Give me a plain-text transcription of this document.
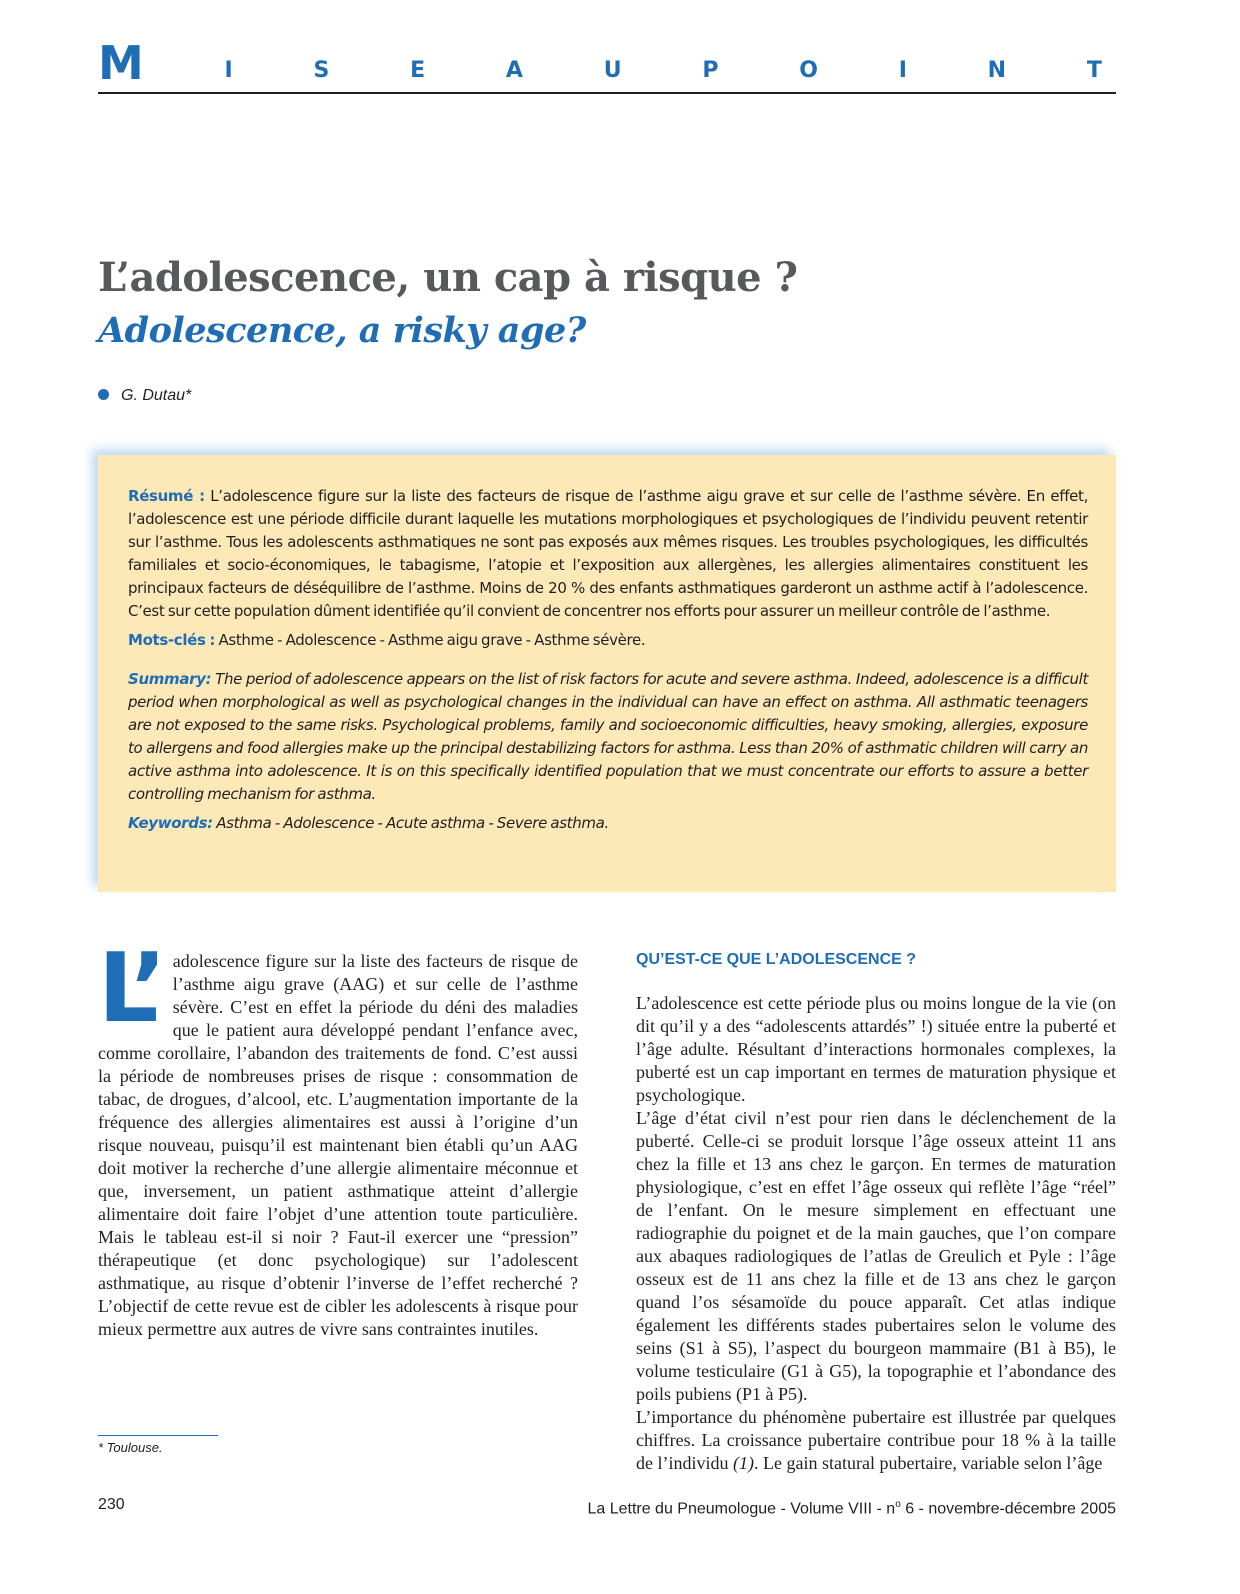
M	I	S	E	A	U	P	O	I	N	T
L’adolescence, un cap à risque ?
Adolescence, a risky age?
G. Dutau*

Résumé : L’adolescence figure sur la liste des facteurs de risque de l’asthme aigu grave et sur celle de l’asthme sévère. En effet, l’adolescence est une période difficile durant laquelle les mutations morphologiques et psychologiques de l’individu peuvent retentir sur l’asthme. Tous les adolescents asthmatiques ne sont pas exposés aux mêmes risques. Les troubles psychologiques, les difficultés familiales et socio-économiques, le tabagisme, l’atopie et l’exposition aux allergènes, les allergies alimentaires constituent les principaux facteurs de déséquilibre de l’asthme. Moins de 20 % des enfants asthmatiques garderont un asthme actif à l’adolescence. C’est sur cette population dûment identifiée qu’il convient de concentrer nos efforts pour assurer un meilleur contrôle de l’asthme.

Mots-clés : Asthme - Adolescence - Asthme aigu grave - Asthme sévère.

Summary: The period of adolescence appears on the list of risk factors for acute and severe asthma. Indeed, adolescence is a difficult period when morphological as well as psychological changes in the individual can have an effect on asthma. All asthmatic teenagers are not exposed to the same risks. Psychological problems, family and socioeconomic difficulties, heavy smoking, allergies, exposure to allergens and food allergies make up the principal destabilizing factors for asthma. Less than 20% of asthmatic children will carry an active asthma into adolescence. It is on this specifically identified population that we must concentrate our efforts to assure a better controlling mechanism for asthma.

Keywords: Asthma - Adolescence - Acute asthma - Severe asthma.

L’ adolescence figure sur la liste des facteurs de risque de l’asthme aigu grave (AAG) et sur celle de l’asthme sévère. C’est en effet la période du déni des maladies que le patient aura développé pendant l’enfance avec, comme corollaire, l’abandon des traitements de fond. C’est aussi la période de nombreuses prises de risque : consommation de tabac, de drogues, d’alcool, etc. L’augmentation importante de la fréquence des allergies alimentaires est aussi à l’origine d’un risque nouveau, puisqu’il est maintenant bien établi qu’un AAG doit motiver la recherche d’une allergie alimentaire méconnue et que, inversement, un patient asthmatique atteint d’allergie alimentaire doit faire l’objet d’une attention toute particulière. Mais le tableau est-il si noir ? Faut-il exercer une “pression” thérapeutique (et donc psychologique) sur l’adolescent asthmatique, au risque d’obtenir l’inverse de l’effet recherché ? L’objectif de cette revue est de cibler les adolescents à risque pour mieux permettre aux autres de vivre sans contraintes inutiles.

QU’EST-CE QUE L’ADOLESCENCE ?

L’adolescence est cette période plus ou moins longue de la vie (on dit qu’il y a des “adolescents attardés” !) située entre la puberté et l’âge adulte. Résultant d’interactions hormonales complexes, la puberté est un cap important en termes de maturation physique et psychologique.

L’âge d’état civil n’est pour rien dans le déclenchement de la puberté. Celle-ci se produit lorsque l’âge osseux atteint 11 ans chez la fille et 13 ans chez le garçon. En termes de maturation physiologique, c’est en effet l’âge osseux qui reflète l’âge “réel” de l’enfant. On le mesure simplement en effectuant une radiographie du poignet et de la main gauches, que l’on compare aux abaques radiologiques de l’atlas de Greulich et Pyle : l’âge osseux est de 11 ans chez la fille et de 13 ans chez le garçon quand l’os sésamoïde du pouce apparaît. Cet atlas indique également les différents stades pubertaires selon le volume des seins (S1 à S5), l’aspect du bourgeon mammaire (B1 à B5), le volume testiculaire (G1 à G5), la topographie et l’abondance des poils pubiens (P1 à P5).

L’importance du phénomène pubertaire est illustrée par quelques chiffres. La croissance pubertaire contribue pour 18 % à la taille de l’individu (1). Le gain statural pubertaire, variable selon l’âge

* Toulouse.
230	La Lettre du Pneumologue - Volume VIII - $n^o$ 6 - novembre-décembre 2005
